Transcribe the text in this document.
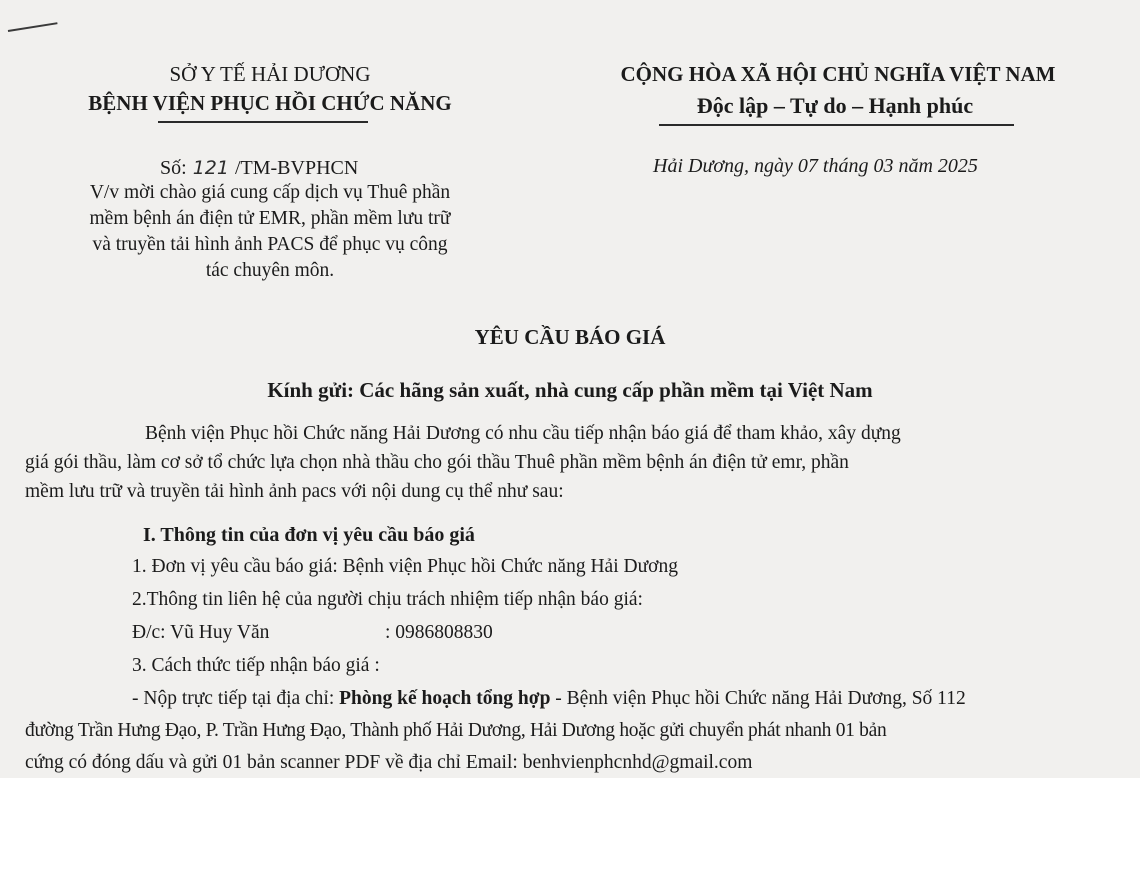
SỞ Y TẾ HẢI DƯƠNG

BỆNH VIỆN PHỤC HỒI CHỨC NĂNG

CỘNG HÒA XÃ HỘI CHỦ NGHĨA VIỆT NAM

Độc lập – Tự do – Hạnh phúc

Số: 121 /TM-BVPHCN	Hải Dương, ngày 07 tháng 03 năm 2025

V/v mời chào giá cung cấp dịch vụ Thuê phần

mềm bệnh án điện tử EMR, phần mềm lưu trữ

và truyền tải hình ảnh PACS để phục vụ công

tác chuyên môn.

YÊU CẦU BÁO GIÁ

Kính gửi: Các hãng sản xuất, nhà cung cấp phần mềm tại Việt Nam

Bệnh viện Phục hồi Chức năng Hải Dương có nhu cầu tiếp nhận báo giá để tham khảo, xây dựng

giá gói thầu, làm cơ sở tổ chức lựa chọn nhà thầu cho gói thầu Thuê phần mềm bệnh án điện tử emr, phần

mềm lưu trữ và truyền tải hình ảnh pacs với nội dung cụ thể như sau:

I. Thông tin của đơn vị yêu cầu báo giá

1. Đơn vị yêu cầu báo giá: Bệnh viện Phục hồi Chức năng Hải Dương

2.Thông tin liên hệ của người chịu trách nhiệm tiếp nhận báo giá:

Đ/c: Vũ Huy Văn	: 0986808830

3. Cách thức tiếp nhận báo giá :

- Nộp trực tiếp tại địa chỉ: Phòng kế hoạch tổng hợp - Bệnh viện Phục hồi Chức năng Hải Dương, Số 112

đường Trần Hưng Đạo, P. Trần Hưng Đạo, Thành phố Hải Dương, Hải Dương hoặc gửi chuyển phát nhanh 01 bản

cứng có đóng dấu và gửi 01 bản scanner PDF về địa chỉ Email: benhvienphcnhd@gmail.com
